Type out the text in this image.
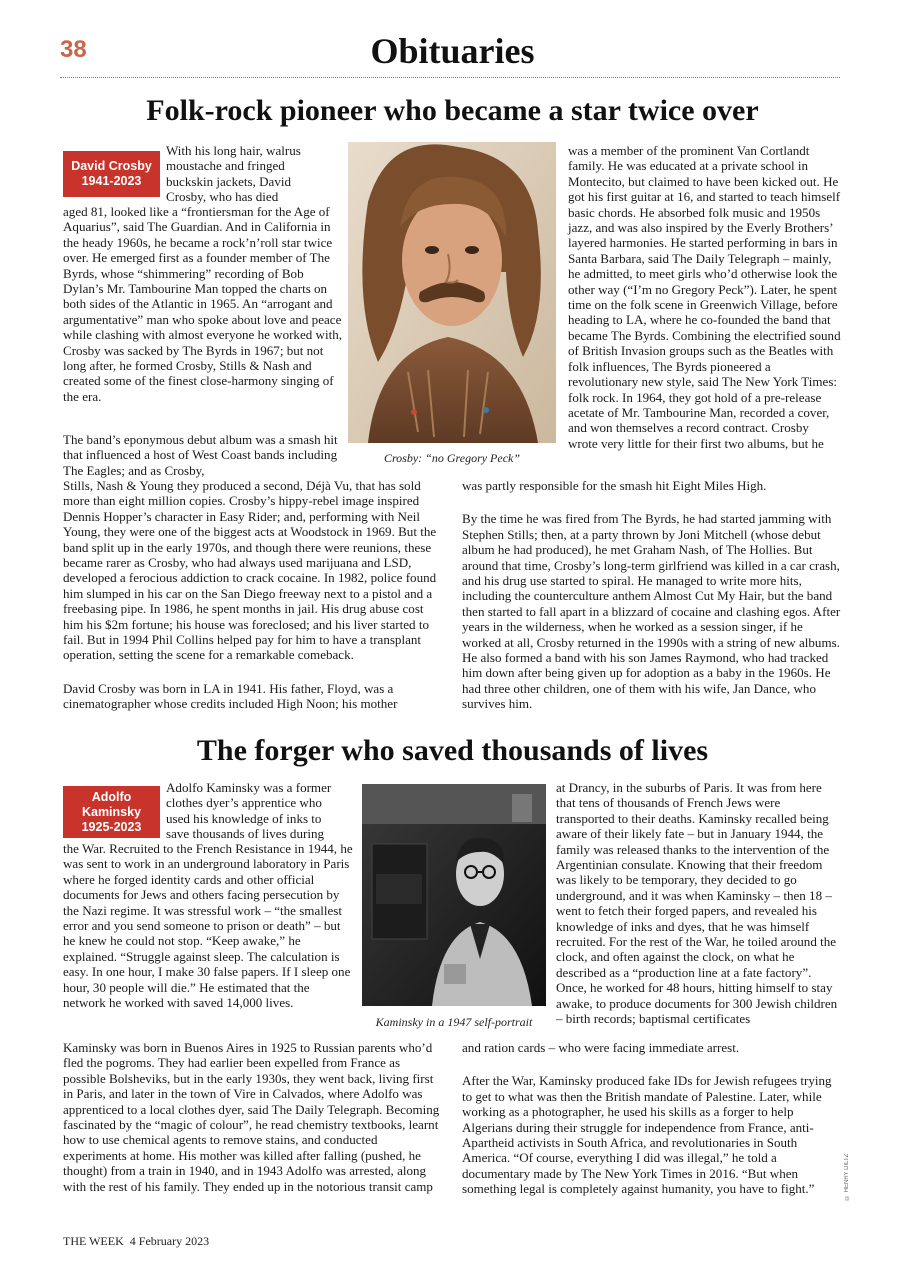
38	Obituaries
Folk-rock pioneer who became a star twice over
David Crosby
1941-2023
With his long hair, walrus
moustache and fringed
buckskin jackets, David
Crosby, who has died

aged 81, looked like a “frontiersman for the Age of Aquarius”, said The Guardian. And in California in the heady 1960s, he became a rock’n’roll star twice over. He emerged first as a founder member of The Byrds, whose “shimmering” recording of Bob Dylan’s Mr. Tambourine Man topped the charts on both sides of the Atlantic in 1965. An “arrogant and argumentative” man who spoke about love and peace while clashing with almost everyone he worked with, Crosby was sacked by The Byrds in 1967; but not long after, he formed Crosby, Stills & Nash and created some of the finest close-harmony singing of the era.

The band’s eponymous debut album was a smash hit that influenced a host of West Coast bands including The Eagles; and as Crosby,

Stills, Nash & Young they produced a second, Déjà Vu, that has sold more than eight million copies. Crosby’s hippy-rebel image inspired Dennis Hopper’s character in Easy Rider; and, performing with Neil Young, they were one of the biggest acts at Woodstock in 1969. But the band split up in the early 1970s, and though there were reunions, these became rarer as Crosby, who had always used marijuana and LSD, developed a ferocious addiction to crack cocaine. In 1982, police found him slumped in his car on the San Diego freeway next to a pistol and a freebasing pipe. In 1986, he spent months in jail. His drug abuse cost him his $2m fortune; his house was foreclosed; and his liver started to fail. But in 1994 Phil Collins helped pay for him to have a transplant operation, setting the scene for a remarkable comeback.

David Crosby was born in LA in 1941. His father, Floyd, was a cinematographer whose credits included High Noon; his mother

Crosby: “no Gregory Peck”

was a member of the prominent Van Cortlandt family. He was educated at a private school in Montecito, but claimed to have been kicked out. He got his first guitar at 16, and started to teach himself basic chords. He absorbed folk music and 1950s jazz, and was also inspired by the Everly Brothers’ layered harmonies. He started performing in bars in Santa Barbara, said The Daily Telegraph – mainly, he admitted, to meet girls who’d otherwise look the other way (“I’m no Gregory Peck”). Later, he spent time on the folk scene in Greenwich Village, before heading to LA, where he co-founded the band that became The Byrds. Combining the electrified sound of British Invasion groups such as the Beatles with folk influences, The Byrds pioneered a revolutionary new style, said The New York Times: folk rock. In 1964, they got hold of a pre-release acetate of Mr. Tambourine Man, recorded a cover, and won themselves a record contract. Crosby wrote very little for their first two albums, but he

was partly responsible for the smash hit Eight Miles High.

By the time he was fired from The Byrds, he had started jamming with Stephen Stills; then, at a party thrown by Joni Mitchell (whose debut album he had produced), he met Graham Nash, of The Hollies. But around that time, Crosby’s long-term girlfriend was killed in a car crash, and his drug use started to spiral. He managed to write more hits, including the counterculture anthem Almost Cut My Hair, but the band then started to fall apart in a blizzard of cocaine and clashing egos. After years in the wilderness, when he worked as a session singer, if he worked at all, Crosby returned in the 1990s with a string of new albums. He also formed a band with his son James Raymond, who had tracked him down after being given up for adoption as a baby in the 1960s. He had three other children, one of them with his wife, Jan Dance, who survives him.

The forger who saved thousands of lives
Adolfo
Kaminsky
1925-2023
Adolfo Kaminsky was a former
clothes dyer’s apprentice who
used his knowledge of inks to
save thousands of lives during

the War. Recruited to the French Resistance in 1944, he was sent to work in an underground laboratory in Paris where he forged identity cards and other official documents for Jews and others facing persecution by the Nazi regime. It was stressful work – “the smallest error and you send someone to prison or death” – but he knew he could not stop. “Keep awake,” he explained. “Struggle against sleep. The calculation is easy. In one hour, I make 30 false papers. If I sleep one hour, 30 people will die.” He estimated that the network he worked with saved 14,000 lives.

Kaminsky was born in Buenos Aires in 1925 to Russian parents who’d fled the pogroms. They had earlier been expelled from France as possible Bolsheviks, but in the early 1930s, they went back, living first in Paris, and later in the town of Vire in Calvados, where Adolfo was apprenticed to a local clothes dyer, said The Daily Telegraph. Becoming fascinated by the “magic of colour”, he read chemistry textbooks, learnt how to use chemical agents to remove stains, and conducted experiments at home. His mother was killed after falling (pushed, he thought) from a train in 1940, and in 1943 Adolfo was arrested, along with the rest of his family. They ended up in the notorious transit camp

Kaminsky in a 1947 self-portrait

at Drancy, in the suburbs of Paris. It was from here that tens of thousands of French Jews were transported to their deaths. Kaminsky recalled being aware of their likely fate – but in January 1944, the family was released thanks to the intervention of the Argentinian consulate. Knowing that their freedom was likely to be temporary, they decided to go underground, and it was when Kaminsky – then 18 – went to fetch their forged papers, and revealed his knowledge of inks and dyes, that he was himself recruited. For the rest of the War, he toiled around the clock, and often against the clock, on what he described as a “production line at a fate factory”. Once, he worked for 48 hours, hitting himself to stay awake, to produce documents for 300 Jewish children – birth records; baptismal certificates

and ration cards – who were facing immediate arrest.

After the War, Kaminsky produced fake IDs for Jewish refugees trying to get to what was then the British mandate of Palestine. Later, while working as a photographer, he used his skills as a forger to help Algerians during their struggle for independence from France, anti-Apartheid activists in South Africa, and revolutionaries in South America. “Of course, everything I did was illegal,” he told a documentary made by The New York Times in 2016. “But when something legal is completely against humanity, you have to fight.”

THE WEEK 4 February 2023
© HENRY DILTZ
